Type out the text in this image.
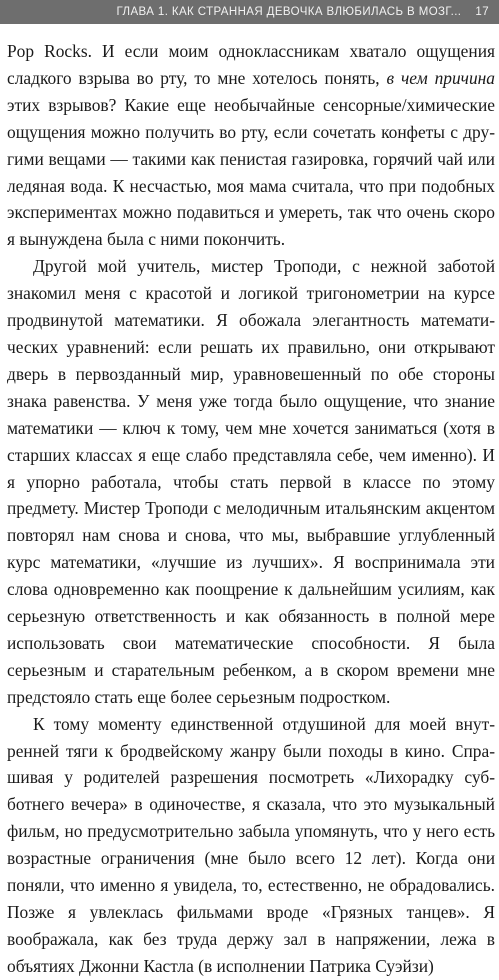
ГЛАВА 1. КАК СТРАННАЯ ДЕВОЧКА ВЛЮБИЛАСЬ В МОЗГ... 17

Pop Rocks. И если моим одноклассникам хватало ощущения сладкого взрыва во рту, то мне хотелось понять, в чем причина этих взрывов? Какие еще необычайные сенсорные/химические ощущения можно получить во рту, если сочетать конфеты с другими вещами — такими как пенистая газировка, горячий чай или ледяная вода. К несчастью, моя мама считала, что при подобных экспериментах можно подавиться и умереть, так что очень скоро я вынуждена была с ними покончить.

Другой мой учитель, мистер Троподи, с нежной заботой знакомил меня с красотой и логикой тригонометрии на курсе продвинутой математики. Я обожала элегантность математических уравнений: если решать их правильно, они открывают дверь в первозданный мир, уравновешенный по обе стороны знака равенства. У меня уже тогда было ощущение, что знание математики — ключ к тому, чем мне хочется заниматься (хотя в старших классах я еще слабо представляла себе, чем именно). И я упорно работала, чтобы стать первой в классе по этому предмету. Мистер Троподи с мелодичным итальянским акцентом повторял нам снова и снова, что мы, выбравшие углубленный курс математики, «лучшие из лучших». Я воспринимала эти слова одновременно как поощрение к дальнейшим усилиям, как серьезную ответственность и как обязанность в полной мере использовать свои математические способности. Я была серьезным и старательным ребенком, а в скором времени мне предстояло стать еще более серьезным подростком.

К тому моменту единственной отдушиной для моей внутренней тяги к бродвейскому жанру были походы в кино. Спрашивая у родителей разрешения посмотреть «Лихорадку субботнего вечера» в одиночестве, я сказала, что это музыкальный фильм, но предусмотрительно забыла упомянуть, что у него есть возрастные ограничения (мне было всего 12 лет). Когда они поняли, что именно я увидела, то, естественно, не обрадовались. Позже я увлеклась фильмами вроде «Грязных танцев». Я воображала, как без труда держу зал в напряжении, лежа в объятиях Джонни Кастла (в исполнении Патрика Суэйзи)
